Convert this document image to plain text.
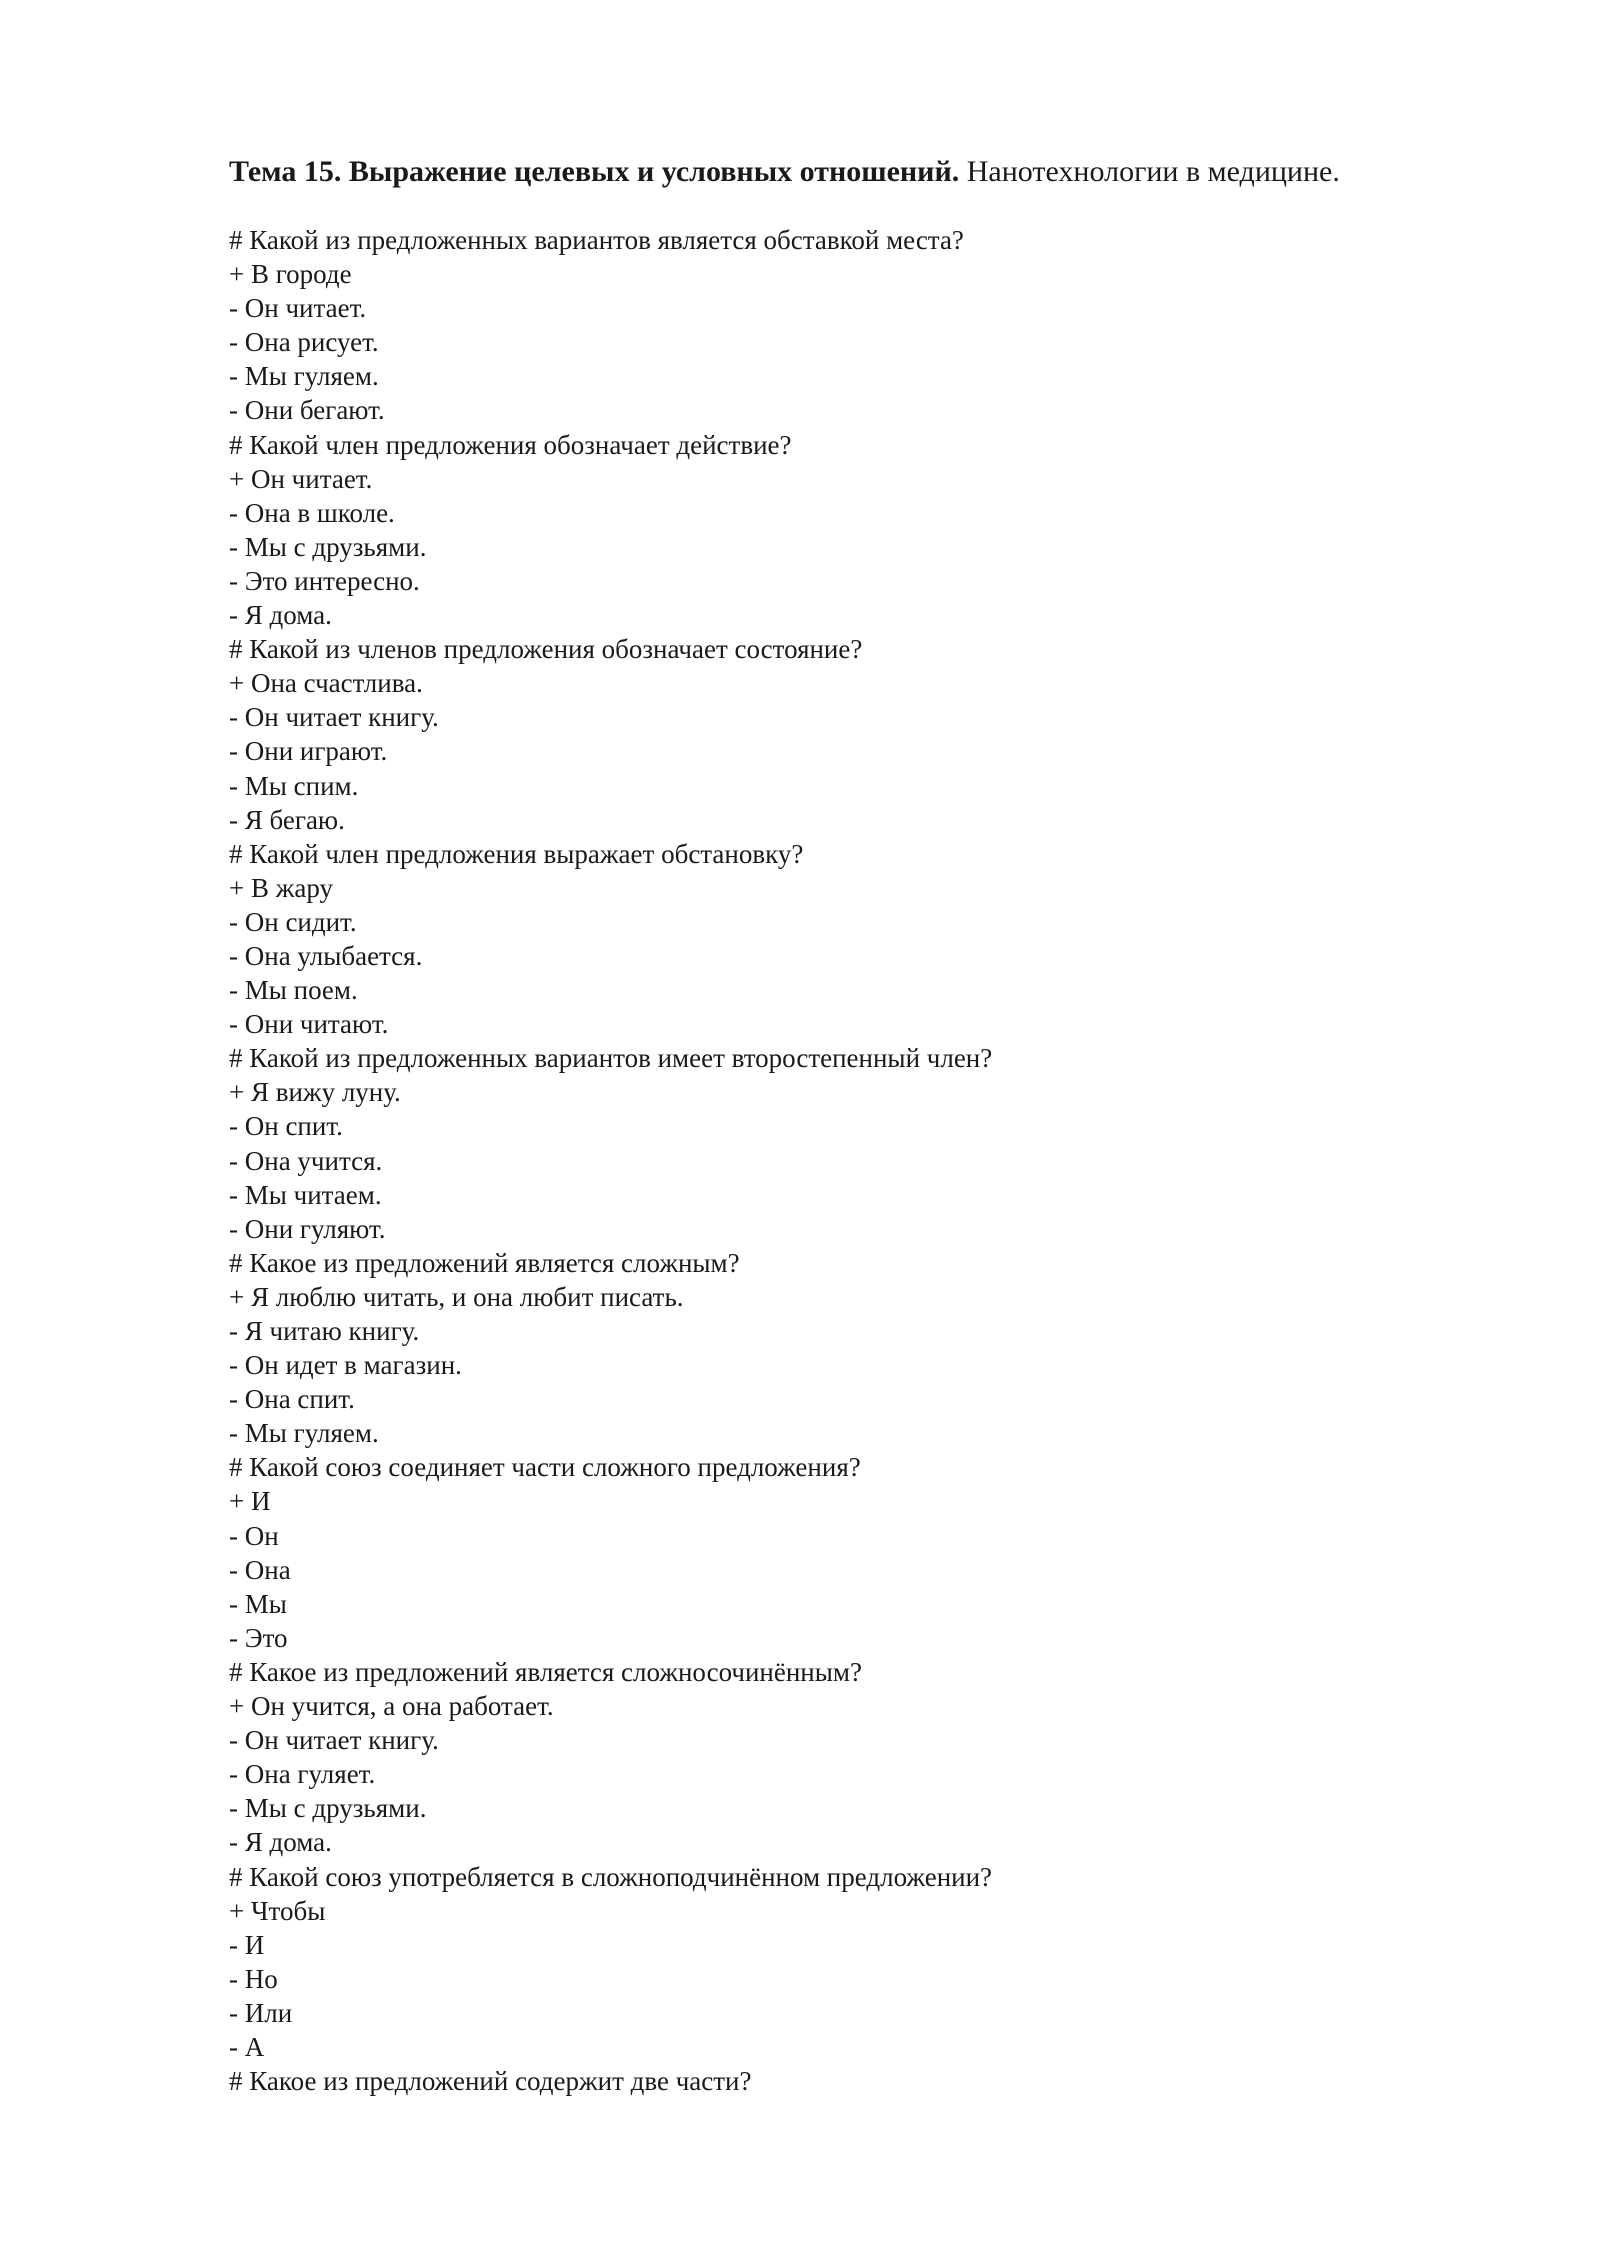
Тема 15. Выражение целевых и условных отношений. Нанотехнологии в медицине.
# Какой из предложенных вариантов является обставкой места?
+ В городе
- Он читает.
- Она рисует.
- Мы гуляем.
- Они бегают.
# Какой член предложения обозначает действие?
+ Он читает.
- Она в школе.
- Мы с друзьями.
- Это интересно.
- Я дома.
# Какой из членов предложения обозначает состояние?
+ Она счастлива.
- Он читает книгу.
- Они играют.
- Мы спим.
- Я бегаю.
# Какой член предложения выражает обстановку?
+ В жару
- Он сидит.
- Она улыбается.
- Мы поем.
- Они читают.
# Какой из предложенных вариантов имеет второстепенный член?
+ Я вижу луну.
- Он спит.
- Она учится.
- Мы читаем.
- Они гуляют.
# Какое из предложений является сложным?
+ Я люблю читать, и она любит писать.
- Я читаю книгу.
- Он идет в магазин.
- Она спит.
- Мы гуляем.
# Какой союз соединяет части сложного предложения?
+ И
- Он
- Она
- Мы
- Это
# Какое из предложений является сложносочинённым?
+ Он учится, а она работает.
- Он читает книгу.
- Она гуляет.
- Мы с друзьями.
- Я дома.
# Какой союз употребляется в сложноподчинённом предложении?
+ Чтобы
- И
- Но
- Или
- А
# Какое из предложений содержит две части?
